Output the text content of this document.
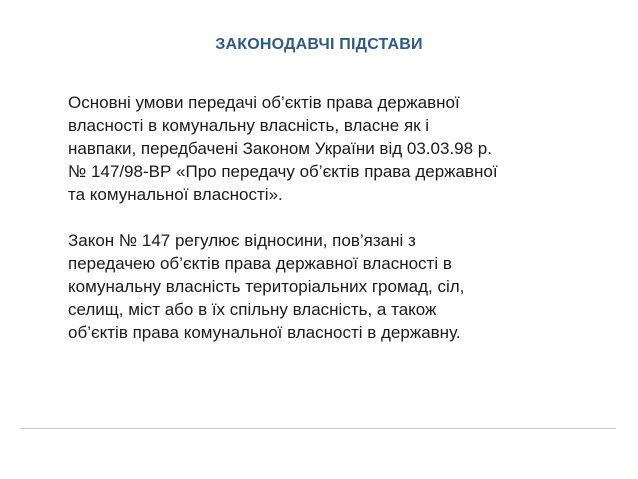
ЗАКОНОДАВЧІ ПІДСТАВИ

Основні умови передачі об’єктів права державної
власності в комунальну власність, власне як і
навпаки, передбачені Законом України від 03.03.98 р.
№ 147/98-ВР «Про передачу об’єктів права державної
та комунальної власності».

Закон № 147 регулює відносини, пов’язані з
передачею об’єктів права державної власності в
комунальну власність територіальних громад, сіл,
селищ, міст або в їх спільну власність, а також
об’єктів права комунальної власності в державну.
